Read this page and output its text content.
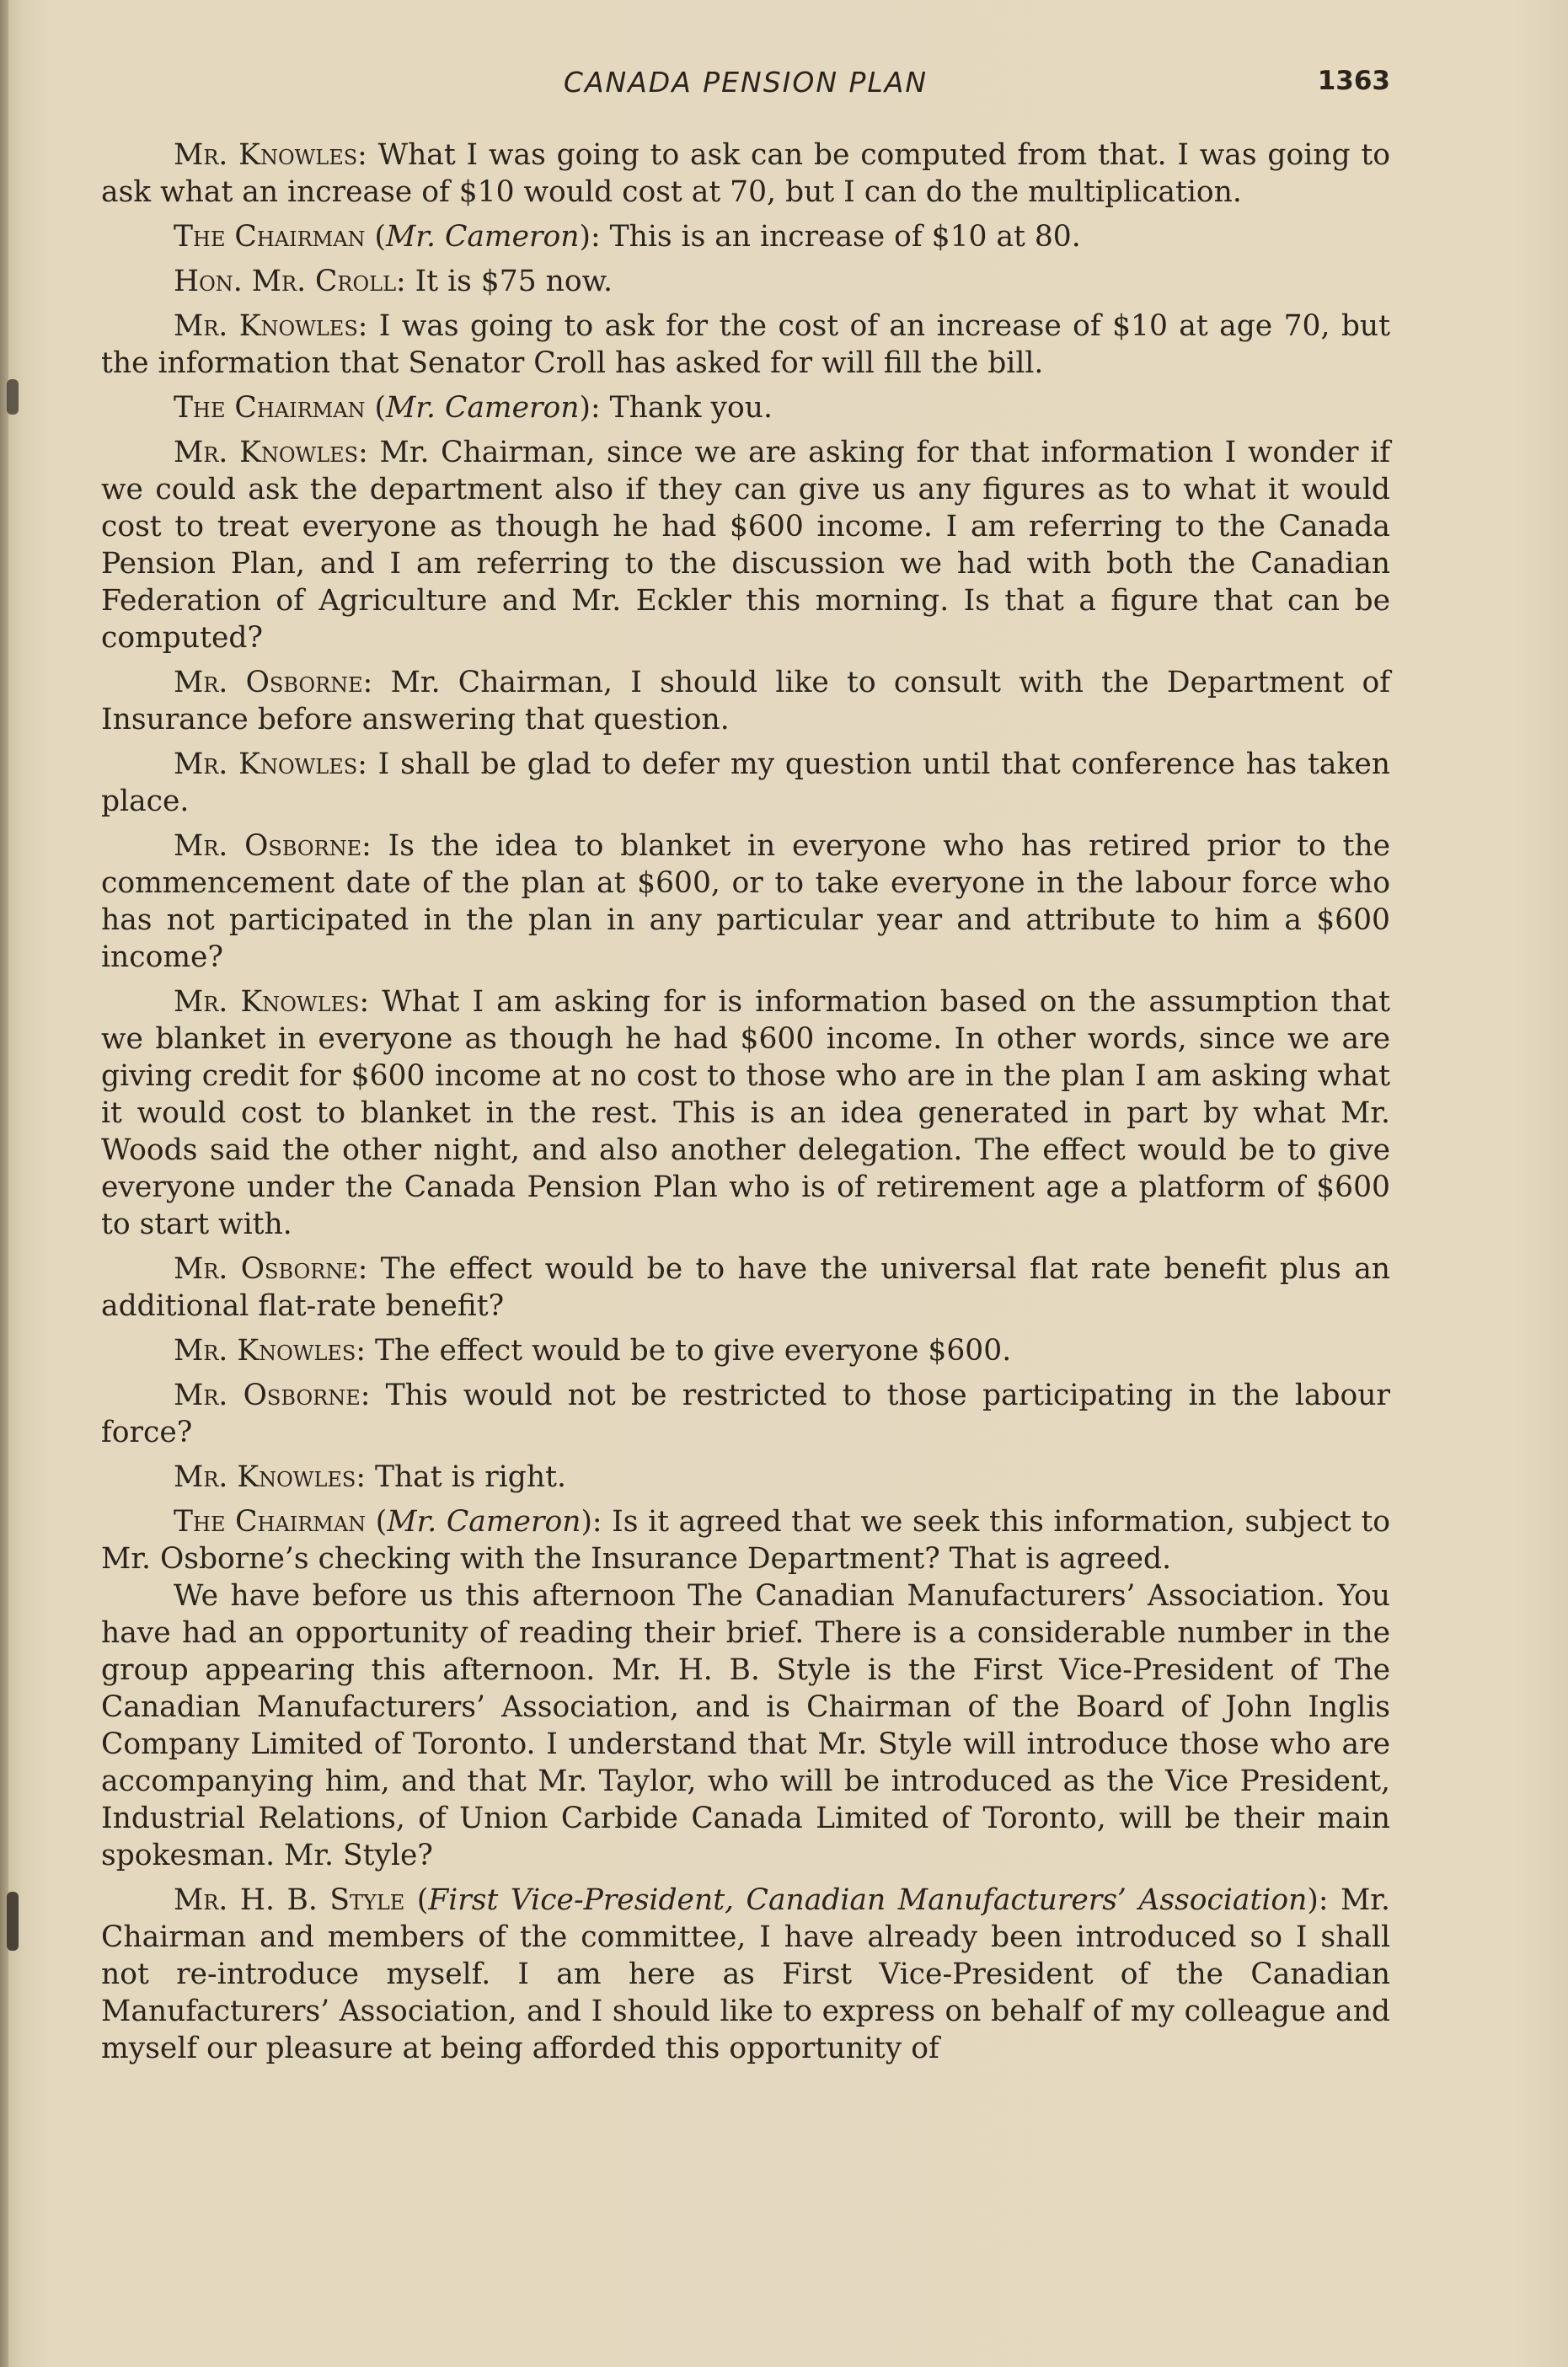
CANADA PENSION PLAN	1363

Mr. Knowles: What I was going to ask can be computed from that. I was going to ask what an increase of $10 would cost at 70, but I can do the multiplication.

The Chairman (Mr. Cameron): This is an increase of $10 at 80.

Hon. Mr. Croll: It is $75 now.

Mr. Knowles: I was going to ask for the cost of an increase of $10 at age 70, but the information that Senator Croll has asked for will fill the bill.

The Chairman (Mr. Cameron): Thank you.

Mr. Knowles: Mr. Chairman, since we are asking for that information I wonder if we could ask the department also if they can give us any figures as to what it would cost to treat everyone as though he had $600 income. I am referring to the Canada Pension Plan, and I am referring to the discussion we had with both the Canadian Federation of Agriculture and Mr. Eckler this morning. Is that a figure that can be computed?

Mr. Osborne: Mr. Chairman, I should like to consult with the Department of Insurance before answering that question.

Mr. Knowles: I shall be glad to defer my question until that conference has taken place.

Mr. Osborne: Is the idea to blanket in everyone who has retired prior to the commencement date of the plan at $600, or to take everyone in the labour force who has not participated in the plan in any particular year and attribute to him a $600 income?

Mr. Knowles: What I am asking for is information based on the assumption that we blanket in everyone as though he had $600 income. In other words, since we are giving credit for $600 income at no cost to those who are in the plan I am asking what it would cost to blanket in the rest. This is an idea generated in part by what Mr. Woods said the other night, and also another delegation. The effect would be to give everyone under the Canada Pension Plan who is of retirement age a platform of $600 to start with.

Mr. Osborne: The effect would be to have the universal flat rate benefit plus an additional flat-rate benefit?

Mr. Knowles: The effect would be to give everyone $600.

Mr. Osborne: This would not be restricted to those participating in the labour force?

Mr. Knowles: That is right.

The Chairman (Mr. Cameron): Is it agreed that we seek this information, subject to Mr. Osborne’s checking with the Insurance Department? That is agreed.

We have before us this afternoon The Canadian Manufacturers’ Association. You have had an opportunity of reading their brief. There is a considerable number in the group appearing this afternoon. Mr. H. B. Style is the First Vice-President of The Canadian Manufacturers’ Association, and is Chairman of the Board of John Inglis Company Limited of Toronto. I understand that Mr. Style will introduce those who are accompanying him, and that Mr. Taylor, who will be introduced as the Vice President, Industrial Relations, of Union Carbide Canada Limited of Toronto, will be their main spokesman. Mr. Style?

Mr. H. B. Style (First Vice-President, Canadian Manufacturers’ Association): Mr. Chairman and members of the committee, I have already been introduced so I shall not re-introduce myself. I am here as First Vice-President of the Canadian Manufacturers’ Association, and I should like to express on behalf of my colleague and myself our pleasure at being afforded this opportunity of
